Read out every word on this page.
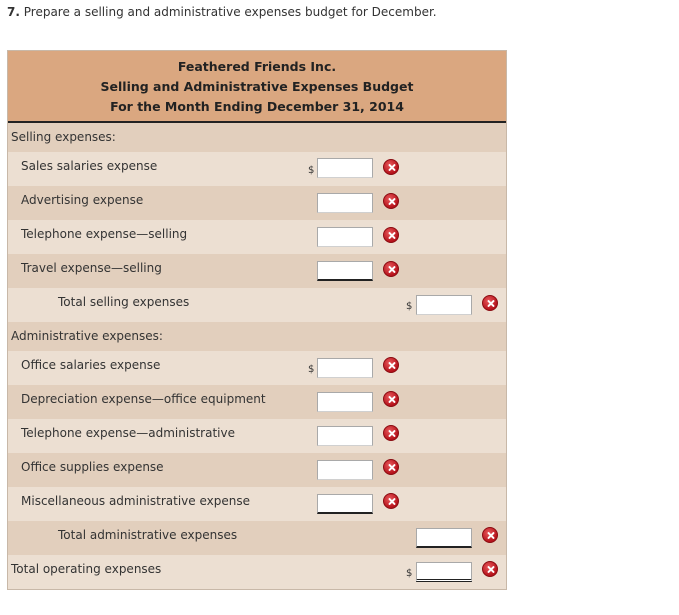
7. Prepare a selling and administrative expenses budget for December.
Feathered Friends Inc.
Selling and Administrative Expenses Budget
For the Month Ending December 31, 2014
Selling expenses:
Sales salaries expense	$
Advertising expense
Telephone expense—selling
Travel expense—selling
Total selling expenses	$
Administrative expenses:
Office salaries expense	$
Depreciation expense—office equipment
Telephone expense—administrative
Office supplies expense
Miscellaneous administrative expense
Total administrative expenses
Total operating expenses	$
